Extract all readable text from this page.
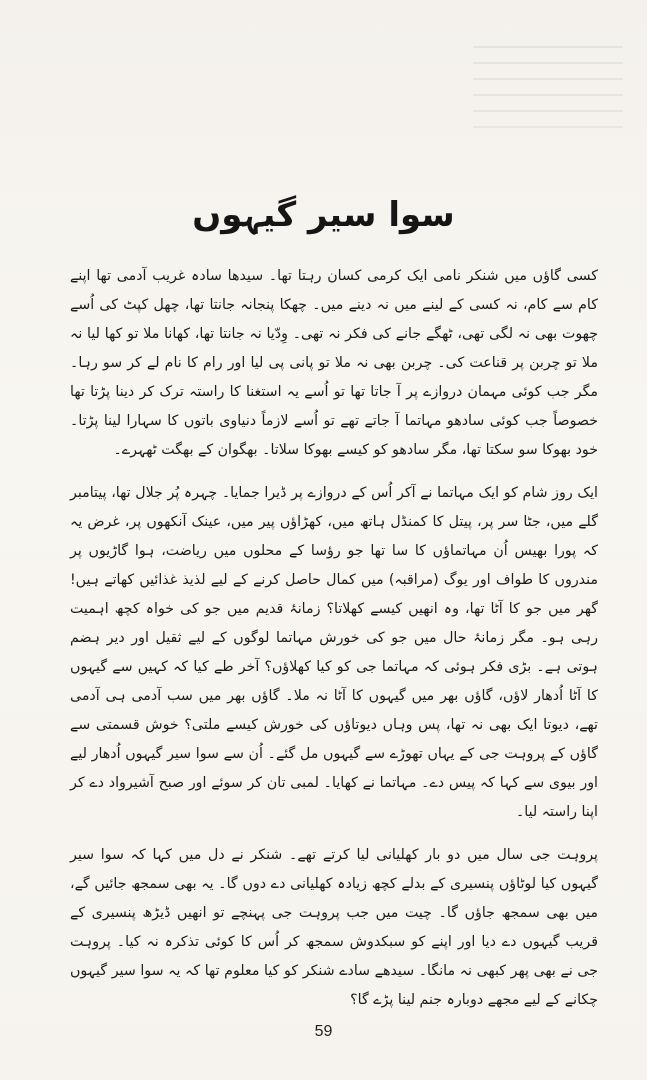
سوا سیر گیہوں

کسی گاؤں میں شنکر نامی ایک کرمی کسان رہتا تھا۔ سیدھا سادہ غریب آدمی تھا اپنے کام سے کام، نہ کسی کے لینے میں نہ دینے میں۔ چھکا پنجانہ جانتا تھا، چھل کپٹ کی اُسے چھوت بھی نہ لگی تھی، ٹھگے جانے کی فکر نہ تھی۔ وِدّیا نہ جانتا تھا، کھانا ملا تو کھا لیا نہ ملا تو چربن پر قناعت کی۔ چربن بھی نہ ملا تو پانی پی لیا اور رام کا نام لے کر سو رہا۔ مگر جب کوئی مہمان دروازے پر آ جاتا تھا تو اُسے یہ استغنا کا راستہ ترک کر دینا پڑتا تھا خصوصاً جب کوئی سادھو مہاتما آ جاتے تھے تو اُسے لازماً دنیاوی باتوں کا سہارا لینا پڑتا۔ خود بھوکا سو سکتا تھا، مگر سادھو کو کیسے بھوکا سلاتا۔ بھگوان کے بھگت ٹھہرے۔

ایک روز شام کو ایک مہاتما نے آکر اُس کے دروازے پر ڈیرا جمایا۔ چہرہ پُر جلال تھا، پیتامبر گلے میں، جٹا سر پر، پیتل کا کمنڈل ہاتھ میں، کھڑاؤں پیر میں، عینک آنکھوں پر، غرض یہ کہ پورا بھیس اُن مہاتماؤں کا سا تھا جو رؤسا کے محلوں میں ریاضت، ہوا گاڑیوں پر مندروں کا طواف اور یوگ (مراقبہ) میں کمال حاصل کرنے کے لیے لذیذ غذائیں کھاتے ہیں! گھر میں جو کا آٹا تھا، وہ انھیں کیسے کھلاتا؟ زمانۂ قدیم میں جو کی خواہ کچھ اہمیت رہی ہو۔ مگر زمانۂ حال میں جو کی خورش مہاتما لوگوں کے لیے ثقیل اور دیر ہضم ہوتی ہے۔ بڑی فکر ہوئی کہ مہاتما جی کو کیا کھلاؤں؟ آخر طے کیا کہ کہیں سے گیہوں کا آٹا اُدھار لاؤں، گاؤں بھر میں گیہوں کا آٹا نہ ملا۔ گاؤں بھر میں سب آدمی ہی آدمی تھے، دیوتا ایک بھی نہ تھا، پس وہاں دیوتاؤں کی خورش کیسے ملتی؟ خوش قسمتی سے گاؤں کے پروہت جی کے یہاں تھوڑے سے گیہوں مل گئے۔ اُن سے سوا سیر گیہوں اُدھار لیے اور بیوی سے کہا کہ پیس دے۔ مہاتما نے کھایا۔ لمبی تان کر سوئے اور صبح آشیرواد دے کر اپنا راستہ لیا۔

پروہت جی سال میں دو بار کھلیانی لیا کرتے تھے۔ شنکر نے دل میں کہا کہ سوا سیر گیہوں کیا لوٹاؤں پنسیری کے بدلے کچھ زیادہ کھلیانی دے دوں گا۔ یہ بھی سمجھ جائیں گے، میں بھی سمجھ جاؤں گا۔ چیت میں جب پروہت جی پہنچے تو انھیں ڈیڑھ پنسیری کے قریب گیہوں دے دیا اور اپنے کو سبکدوش سمجھ کر اُس کا کوئی تذکرہ نہ کیا۔ پروہت جی نے بھی پھر کبھی نہ مانگا۔ سیدھے سادے شنکر کو کیا معلوم تھا کہ یہ سوا سیر گیہوں چکانے کے لیے مجھے دوبارہ جنم لینا پڑے گا؟

59
